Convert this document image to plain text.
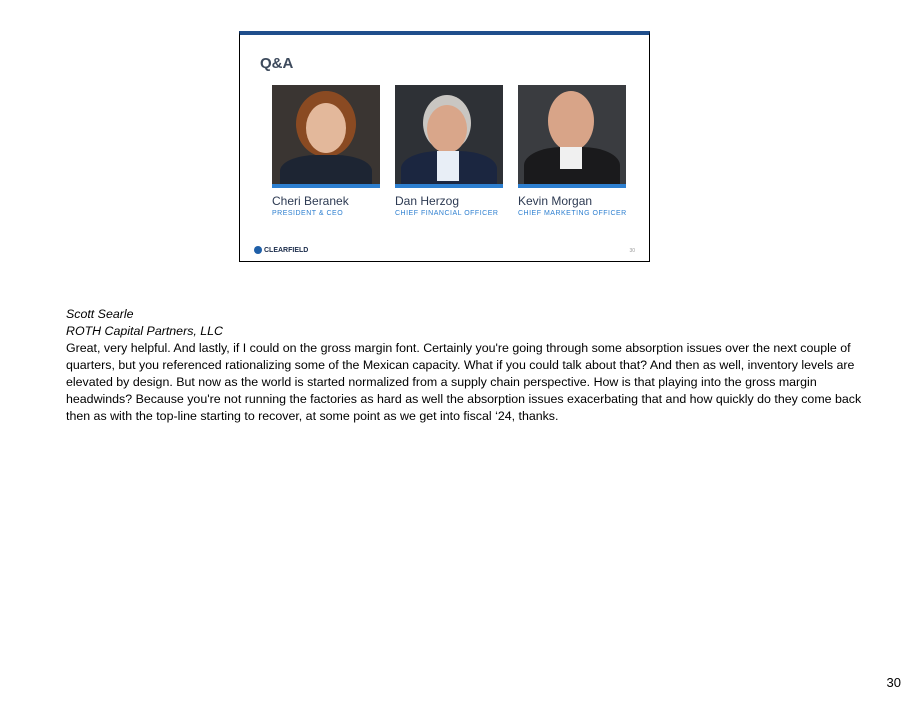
Q&A
Cheri Beranek
PRESIDENT & CEO
Dan Herzog
CHIEF FINANCIAL OFFICER
Kevin Morgan
CHIEF MARKETING OFFICER
CLEARFIELD	30
Scott Searle
ROTH Capital Partners, LLC
Great, very helpful. And lastly, if I could on the gross margin font. Certainly you're going through some absorption issues over the next couple of quarters, but you referenced rationalizing some of the Mexican capacity. What if you could talk about that? And then as well, inventory levels are elevated by design. But now as the world is started normalized from a supply chain perspective. How is that playing into the gross margin headwinds? Because you're not running the factories as hard as well the absorption issues exacerbating that and how quickly do they come back then as with the top-line starting to recover, at some point as we get into fiscal ‘24, thanks.
30
